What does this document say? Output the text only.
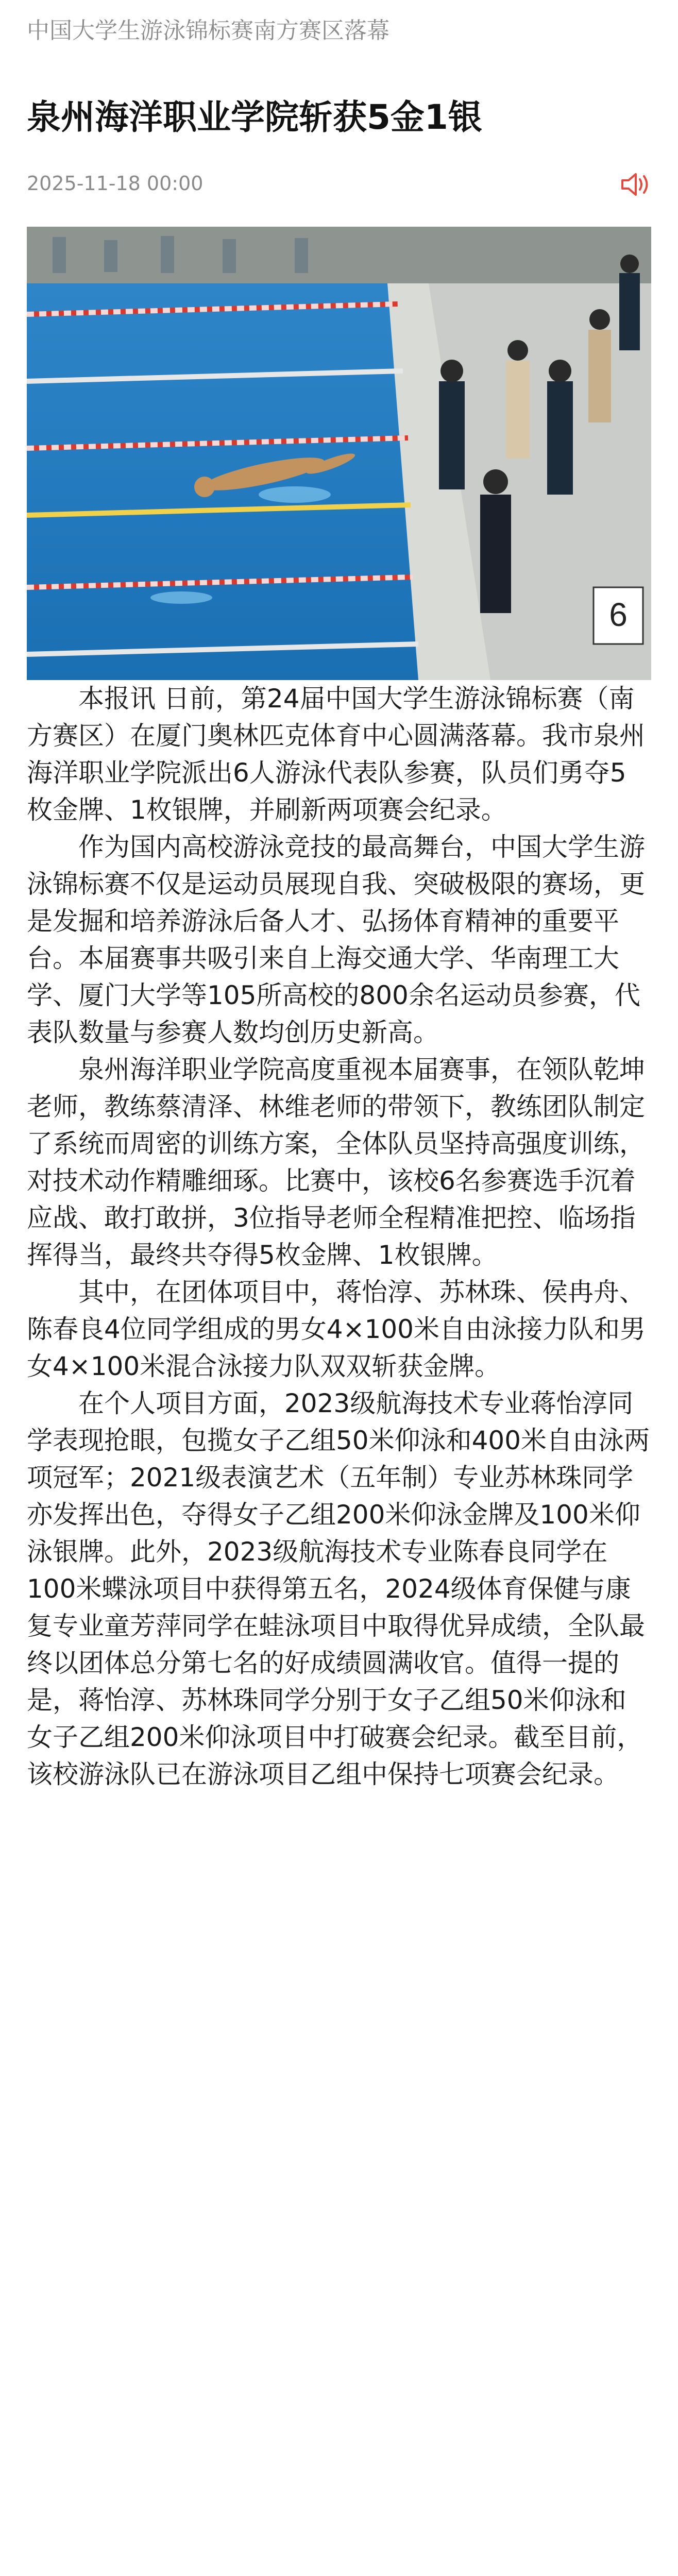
中国大学生游泳锦标赛南方赛区落幕
泉州海洋职业学院斩获5金1银
2025-11-18 00:00
6

本报讯 日前，第24届中国大学生游泳锦标赛（南方赛区）在厦门奥林匹克体育中心圆满落幕。我市泉州海洋职业学院派出6人游泳代表队参赛，队员们勇夺5枚金牌、1枚银牌，并刷新两项赛会纪录。

作为国内高校游泳竞技的最高舞台，中国大学生游泳锦标赛不仅是运动员展现自我、突破极限的赛场，更是发掘和培养游泳后备人才、弘扬体育精神的重要平台。本届赛事共吸引来自上海交通大学、华南理工大学、厦门大学等105所高校的800余名运动员参赛，代表队数量与参赛人数均创历史新高。

泉州海洋职业学院高度重视本届赛事，在领队乾坤老师，教练蔡清泽、林维老师的带领下，教练团队制定了系统而周密的训练方案，全体队员坚持高强度训练，对技术动作精雕细琢。比赛中，该校6名参赛选手沉着应战、敢打敢拼，3位指导老师全程精准把控、临场指挥得当，最终共夺得5枚金牌、1枚银牌。

其中，在团体项目中，蒋怡淳、苏林珠、侯冉舟、陈春良4位同学组成的男女4×100米自由泳接力队和男女4×100米混合泳接力队双双斩获金牌。

在个人项目方面，2023级航海技术专业蒋怡淳同学表现抢眼，包揽女子乙组50米仰泳和400米自由泳两项冠军；2021级表演艺术（五年制）专业苏林珠同学亦发挥出色，夺得女子乙组200米仰泳金牌及100米仰泳银牌。此外，2023级航海技术专业陈春良同学在100米蝶泳项目中获得第五名，2024级体育保健与康复专业童芳萍同学在蛙泳项目中取得优异成绩，全队最终以团体总分第七名的好成绩圆满收官。值得一提的是，蒋怡淳、苏林珠同学分别于女子乙组50米仰泳和女子乙组200米仰泳项目中打破赛会纪录。截至目前，该校游泳队已在游泳项目乙组中保持七项赛会纪录。
